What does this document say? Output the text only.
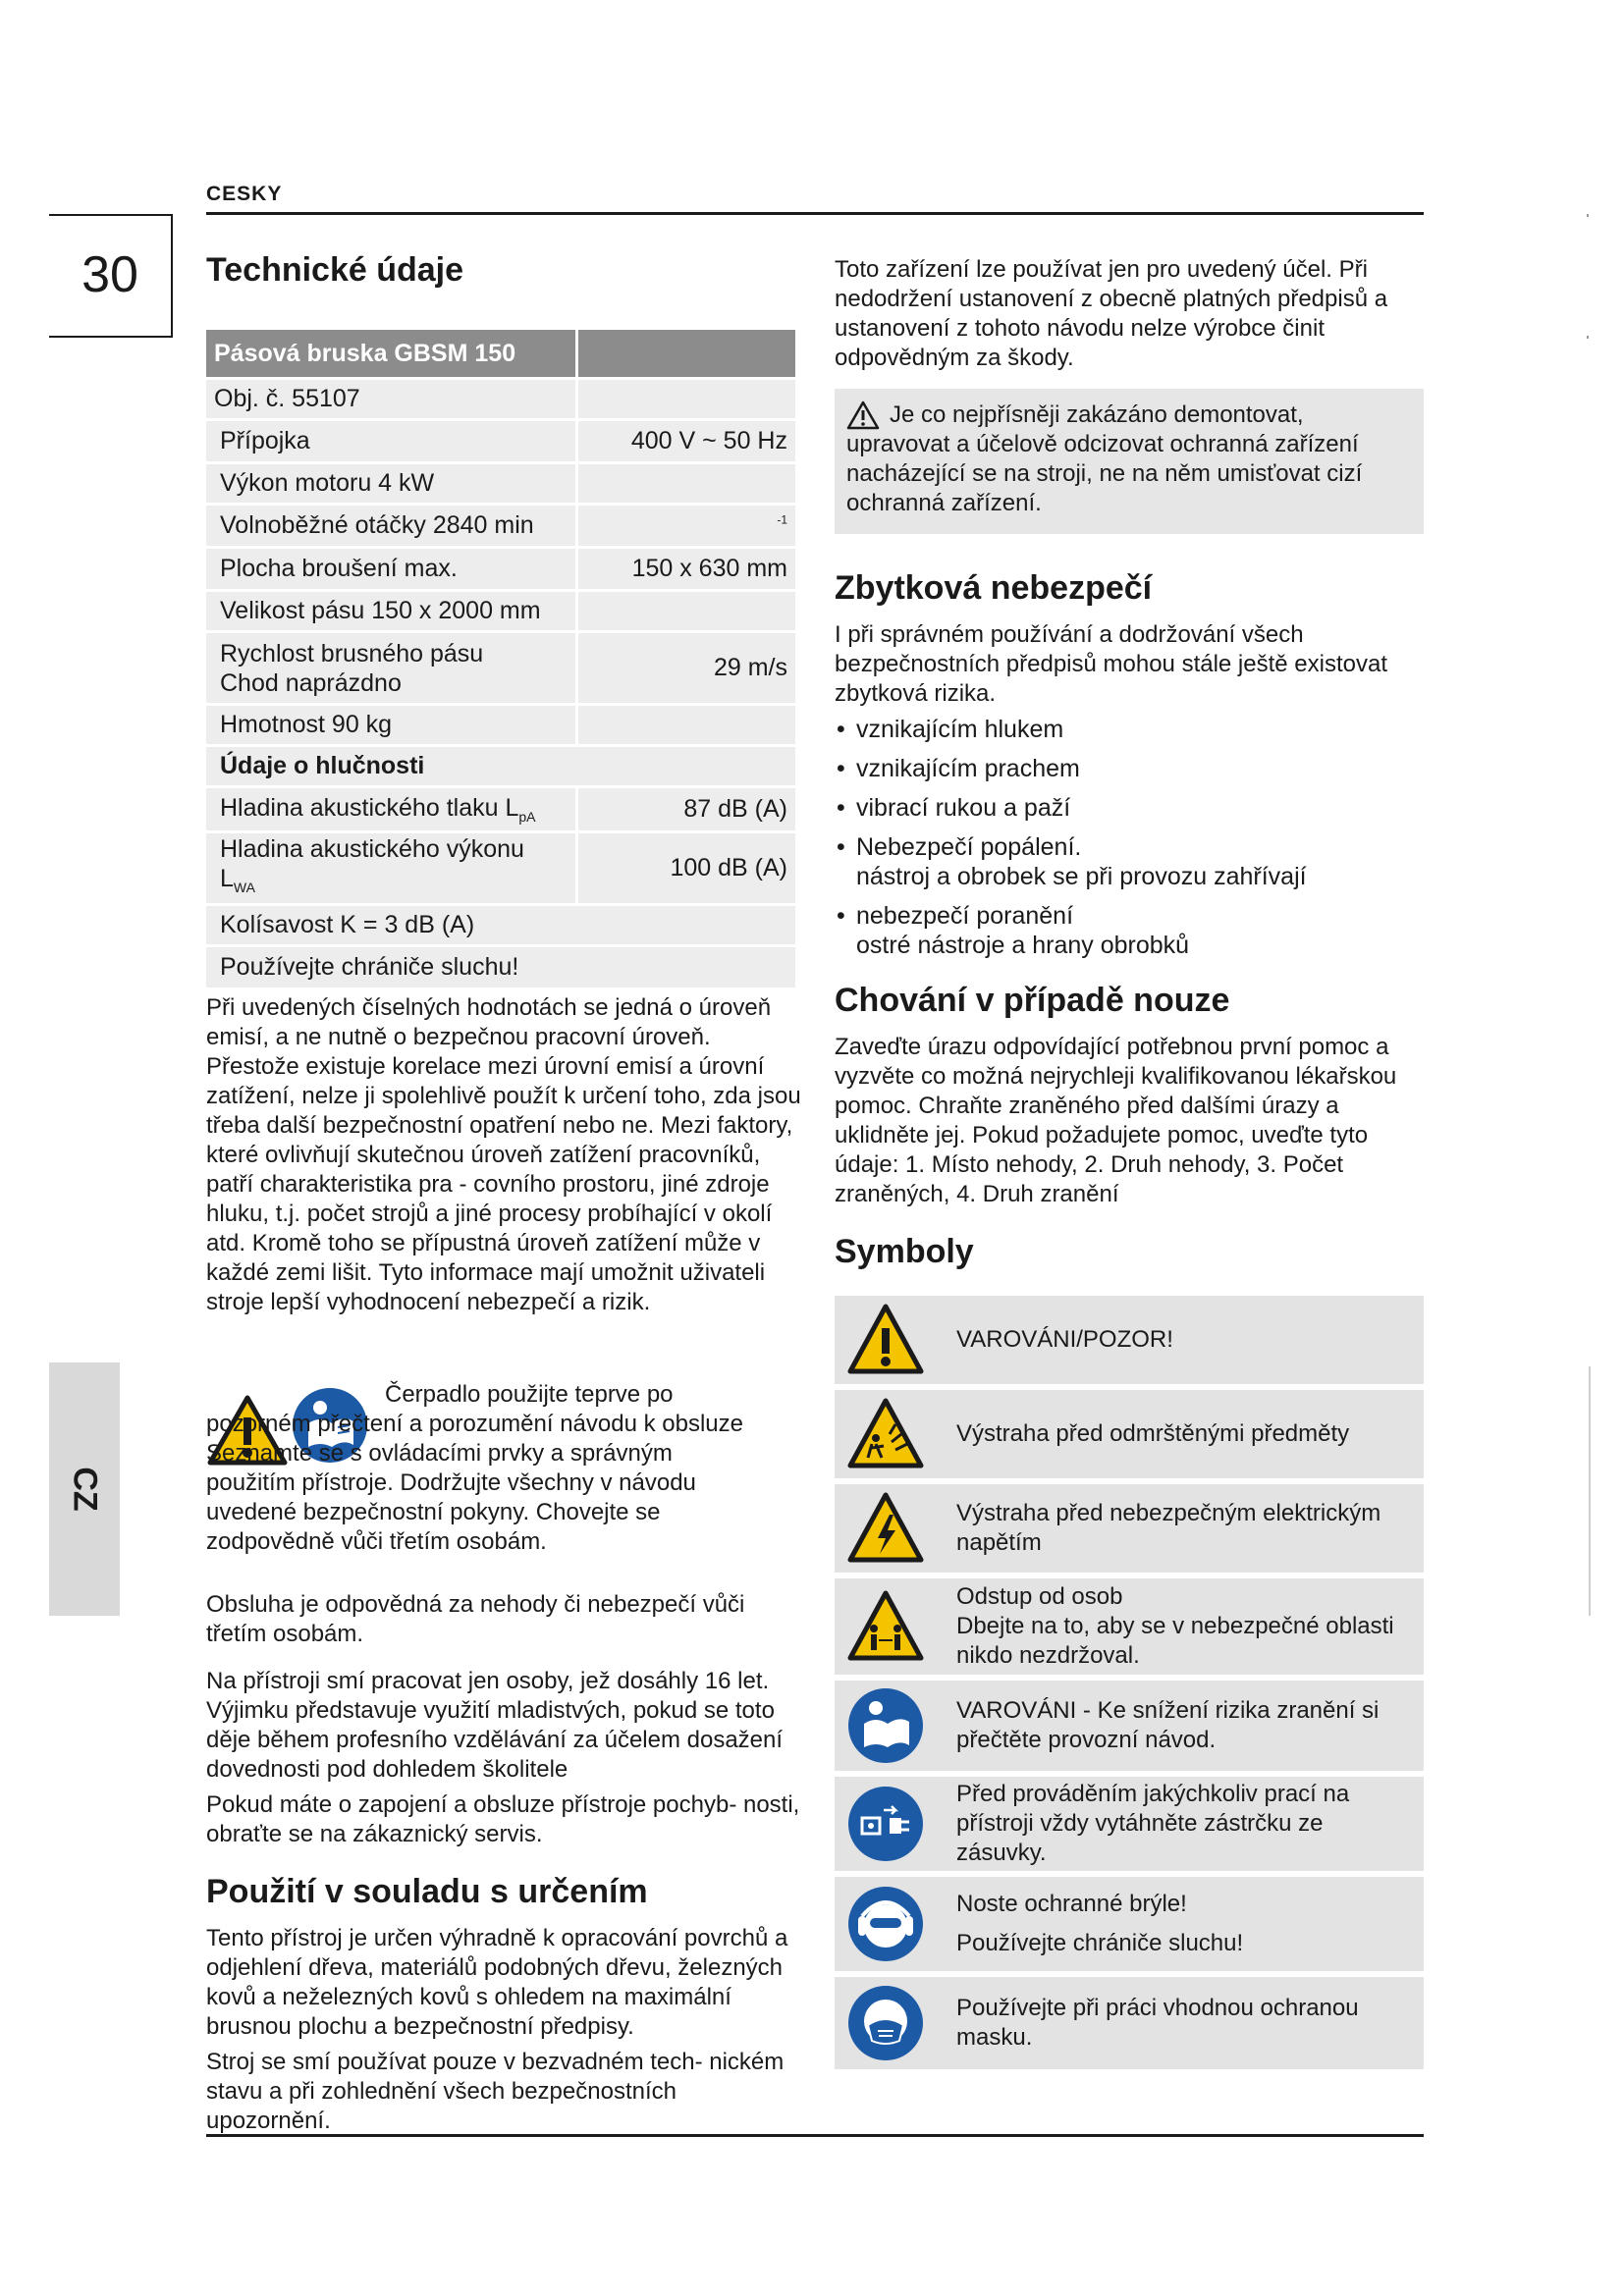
CESKY
30
CZ
Technické údaje
Pásová bruska GBSM 150	
Obj. č. 55107	
Přípojka	400 V ~ 50 Hz
Výkon motoru 4 kW	
Volnoběžné otáčky 2840 min	$^{-1}$
Plocha broušení max.	150 x 630 mm
Velikost pásu 150 x 2000 mm	
Rychlost brusného pásu
Chod naprázdno	29 m/s
Hmotnost 90 kg	
Údaje o hlučnosti	
Hladina akustického tlaku $L_{pA}$	87 dB (A)
Hladina akustického výkonu
$L_{WA}$	100 dB (A)
Kolísavost K = 3 dB (A)	
Používejte chrániče sluchu!	

Při uvedených číselných hodnotách se jedná o úroveň emisí, a ne nutně o bezpečnou pracovní úroveň. Přestože existuje korelace mezi úrovní emisí a úrovní zatížení, nelze ji spolehlivě použít k určení toho, zda jsou třeba další bezpečnostní opatření nebo ne. Mezi faktory, které ovlivňují skutečnou úroveň zatížení pracovníků, patří charakteristika pra - covního prostoru, jiné zdroje hluku, t.j. počet strojů a jiné procesy probíhající v okolí atd. Kromě toho se přípustná úroveň zatížení může v každé zemi lišit. Tyto informace mají umožnit uživateli stroje lepší vyhodnocení nebezpečí a rizik.

Čerpadlo použijte teprve po pozorném přečtení a porozumění návodu k obsluze Seznamte se s ovládacími prvky a správným použitím přístroje. Dodržujte všechny v návodu uvedené bezpečnostní pokyny. Chovejte se zodpovědně vůči třetím osobám.

Obsluha je odpovědná za nehody či nebezpečí vůči třetím osobám.

Na přístroji smí pracovat jen osoby, jež dosáhly 16 let. Výjimku představuje využití mladistvých, pokud se toto děje během profesního vzdělávání za účelem dosažení dovednosti pod dohledem školitele

Pokud máte o zapojení a obsluze přístroje pochyb- nosti, obraťte se na zákaznický servis.

Použití v souladu s určením

Tento přístroj je určen výhradně k opracování povrchů a odjehlení dřeva, materiálů podobných dřevu, železných kovů a neželezných kovů s ohledem na maximální brusnou plochu a bezpečnostní předpisy.

Stroj se smí používat pouze v bezvadném tech- nickém stavu a při zohlednění všech bezpečnostních upozornění.

Toto zařízení lze používat jen pro uvedený účel. Při nedodržení ustanovení z obecně platných předpisů a ustanovení z tohoto návodu nelze výrobce činit odpovědným za škody.

Je co nejpřísněji zakázáno demontovat, upravovat a účelově odcizovat ochranná zařízení nacházející se na stroji, ne na něm umisťovat cizí ochranná zařízení.

Zbytková nebezpečí

I při správném používání a dodržování všech bezpečnostních předpisů mohou stále ještě existovat zbytková rizika.

• vznikajícím hlukem
• vznikajícím prachem
• vibrací rukou a paží
• Nebezpečí popálení.
nástroj a obrobek se při provozu zahřívají
• nebezpečí poranění
ostré nástroje a hrany obrobků
Chování v případě nouze

Zaveďte úrazu odpovídající potřebnou první pomoc a vyzvěte co možná nejrychleji kvalifikovanou lékařskou pomoc. Chraňte zraněného před dalšími úrazy a uklidněte jej. Pokud požadujete pomoc, uveďte tyto údaje: 1. Místo nehody, 2. Druh nehody, 3. Počet zraněných, 4. Druh zranění

Symboly
VAROVÁNI/POZOR!
Výstraha před odmrštěnými předměty
Výstraha před nebezpečným elektrickým napětím
Odstup od osob
Dbejte na to, aby se v nebezpečné oblasti nikdo nezdržoval.
VAROVÁNI - Ke snížení rizika zranění si přečtěte provozní návod.
Před prováděním jakýchkoliv prací na přístroji vždy vytáhněte zástrčku ze zásuvky.
Noste ochranné brýle!
Používejte chrániče sluchu!
Používejte při práci vhodnou ochranou masku.
